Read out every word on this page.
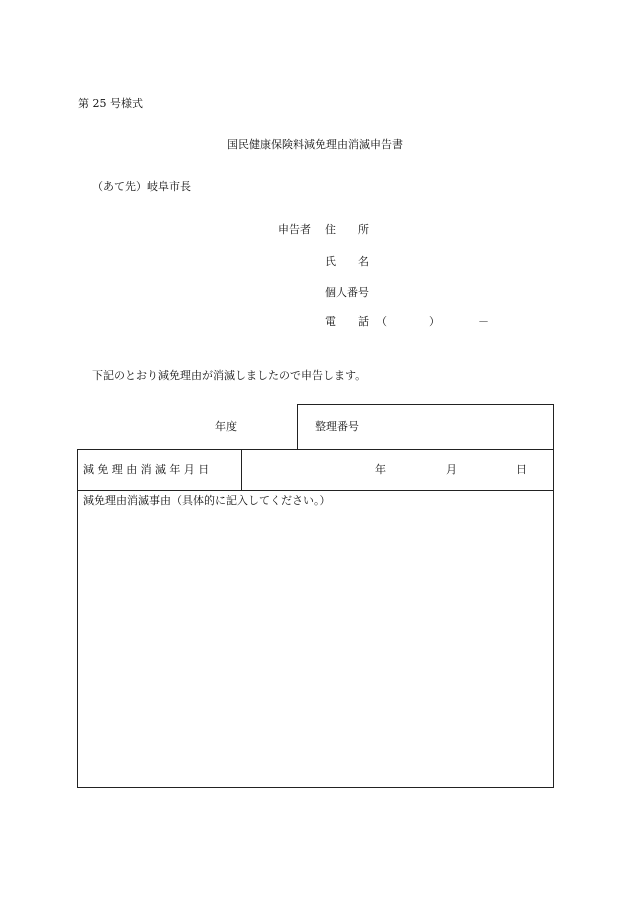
第 25 号様式
国民健康保険料減免理由消滅申告書
（あて先）岐阜市長
申告者 住　　所
氏　　名
個人番号
電　　話 （	）	－
下記のとおり減免理由が消滅しましたので申告します。
年度	整理番号
減免理由消滅年月日	年	月	日
減免理由消滅事由（具体的に記入してください。）
